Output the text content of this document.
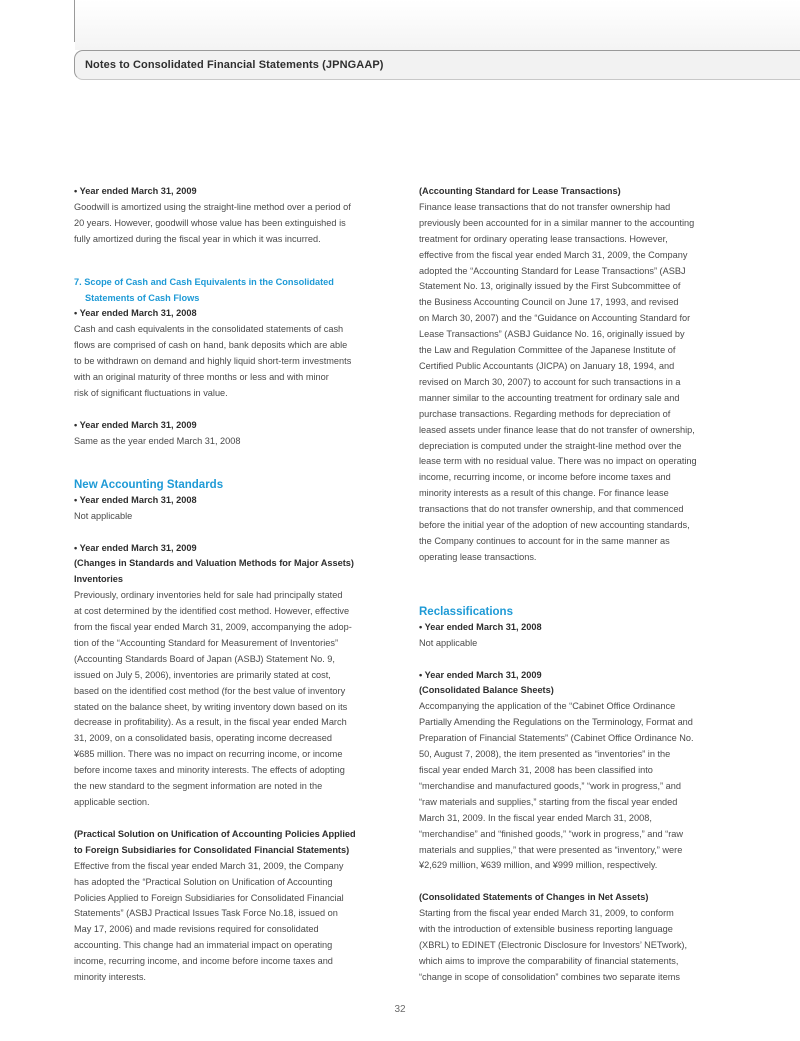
Notes to Consolidated Financial Statements (JPNGAAP)

• Year ended March 31, 2009

Goodwill is amortized using the straight-line method over a period of
20 years. However, goodwill whose value has been extinguished is
fully amortized during the fiscal year in which it was incurred.
7. Scope of Cash and Cash Equivalents in the Consolidated
Statements of Cash Flows

• Year ended March 31, 2008

Cash and cash equivalents in the consolidated statements of cash
flows are comprised of cash on hand, bank deposits which are able
to be withdrawn on demand and highly liquid short-term investments
with an original maturity of three months or less and with minor
risk of significant fluctuations in value.

• Year ended March 31, 2009

Same as the year ended March 31, 2008

New Accounting Standards

• Year ended March 31, 2008

Not applicable

• Year ended March 31, 2009

(Changes in Standards and Valuation Methods for Major Assets)

Inventories

Previously, ordinary inventories held for sale had principally stated
at cost determined by the identified cost method. However, effective
from the fiscal year ended March 31, 2009, accompanying the adop-
tion of the “Accounting Standard for Measurement of Inventories”
(Accounting Standards Board of Japan (ASBJ) Statement No. 9,
issued on July 5, 2006), inventories are primarily stated at cost,
based on the identified cost method (for the best value of inventory
stated on the balance sheet, by writing inventory down based on its
decrease in profitability). As a result, in the fiscal year ended March
31, 2009, on a consolidated basis, operating income decreased
¥685 million. There was no impact on recurring income, or income
before income taxes and minority interests. The effects of adopting
the new standard to the segment information are noted in the
applicable section.

(Practical Solution on Unification of Accounting Policies Applied

to Foreign Subsidiaries for Consolidated Financial Statements)

Effective from the fiscal year ended March 31, 2009, the Company
has adopted the “Practical Solution on Unification of Accounting
Policies Applied to Foreign Subsidiaries for Consolidated Financial
Statements” (ASBJ Practical Issues Task Force No.18, issued on
May 17, 2006) and made revisions required for consolidated
accounting. This change had an immaterial impact on operating
income, recurring income, and income before income taxes and
minority interests.

(Accounting Standard for Lease Transactions)

Finance lease transactions that do not transfer ownership had
previously been accounted for in a similar manner to the accounting
treatment for ordinary operating lease transactions. However,
effective from the fiscal year ended March 31, 2009, the Company
adopted the “Accounting Standard for Lease Transactions” (ASBJ
Statement No. 13, originally issued by the First Subcommittee of
the Business Accounting Council on June 17, 1993, and revised
on March 30, 2007) and the “Guidance on Accounting Standard for
Lease Transactions” (ASBJ Guidance No. 16, originally issued by
the Law and Regulation Committee of the Japanese Institute of
Certified Public Accountants (JICPA) on January 18, 1994, and
revised on March 30, 2007) to account for such transactions in a
manner similar to the accounting treatment for ordinary sale and
purchase transactions. Regarding methods for depreciation of
leased assets under finance lease that do not transfer of ownership,
depreciation is computed under the straight-line method over the
lease term with no residual value. There was no impact on operating
income, recurring income, or income before income taxes and
minority interests as a result of this change. For finance lease
transactions that do not transfer ownership, and that commenced
before the initial year of the adoption of new accounting standards,
the Company continues to account for in the same manner as
operating lease transactions.

Reclassifications

• Year ended March 31, 2008

Not applicable

• Year ended March 31, 2009

(Consolidated Balance Sheets)

Accompanying the application of the “Cabinet Office Ordinance
Partially Amending the Regulations on the Terminology, Format and
Preparation of Financial Statements” (Cabinet Office Ordinance No.
50, August 7, 2008), the item presented as “inventories” in the
fiscal year ended March 31, 2008 has been classified into
“merchandise and manufactured goods,” “work in progress,” and
“raw materials and supplies,” starting from the fiscal year ended
March 31, 2009. In the fiscal year ended March 31, 2008,
“merchandise” and “finished goods,” “work in progress,” and “raw
materials and supplies,” that were presented as “inventory,” were
¥2,629 million, ¥639 million, and ¥999 million, respectively.

(Consolidated Statements of Changes in Net Assets)

Starting from the fiscal year ended March 31, 2009, to conform
with the introduction of extensible business reporting language
(XBRL) to EDINET (Electronic Disclosure for Investors’ NETwork),
which aims to improve the comparability of financial statements,
“change in scope of consolidation” combines two separate items
32
